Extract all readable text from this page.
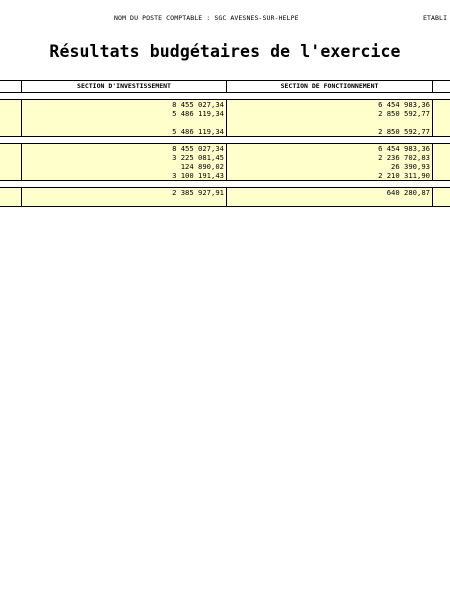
NOM DU POSTE COMPTABLE : SGC AVESNES-SUR-HELPE	ETABLI
Résultats budgétaires de l'exercice
	SECTION D'INVESTISSEMENT	SECTION DE FONCTIONNEMENT	

	8 455 027,34	6 454 983,36	
	5 486 119,34	2 850 592,77	

	5 486 119,34	2 850 592,77	

	8 455 027,34	6 454 983,36	
	3 225 081,45	2 236 702,83	
	124 890,02	26 390,93	
	3 100 191,43	2 210 311,90	

	2 385 927,91	640 280,87	
